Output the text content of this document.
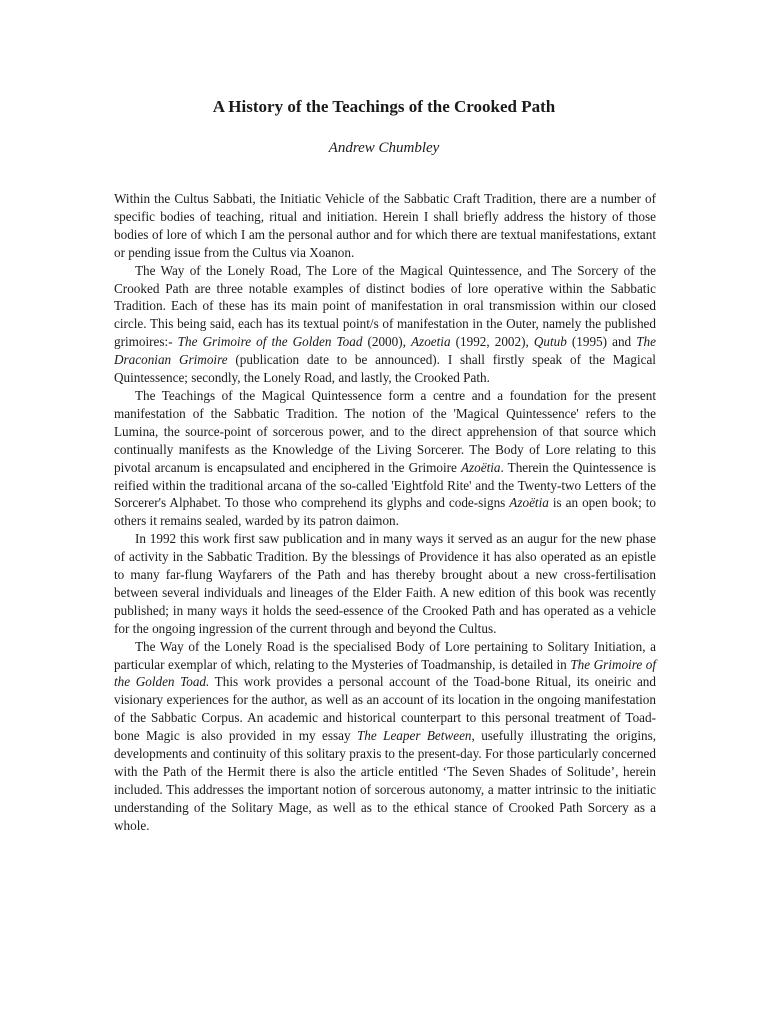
A History of the Teachings of the Crooked Path
Andrew Chumbley

Within the Cultus Sabbati, the Initiatic Vehicle of the Sabbatic Craft Tradition, there are a number of specific bodies of teaching, ritual and initiation. Herein I shall briefly address the history of those bodies of lore of which I am the personal author and for which there are textual manifestations, extant or pending issue from the Cultus via Xoanon.

The Way of the Lonely Road, The Lore of the Magical Quintessence, and The Sorcery of the Crooked Path are three notable examples of distinct bodies of lore operative within the Sabbatic Tradition. Each of these has its main point of manifestation in oral transmission within our closed circle. This being said, each has its textual point/s of manifestation in the Outer, namely the published grimoires:- The Grimoire of the Golden Toad (2000), Azoetia (1992, 2002), Qutub (1995) and The Draconian Grimoire (publication date to be announced). I shall firstly speak of the Magical Quintessence; secondly, the Lonely Road, and lastly, the Crooked Path.

The Teachings of the Magical Quintessence form a centre and a foundation for the present manifestation of the Sabbatic Tradition. The notion of the 'Magical Quintessence' refers to the Lumina, the source-point of sorcerous power, and to the direct apprehension of that source which continually manifests as the Knowledge of the Living Sorcerer. The Body of Lore relating to this pivotal arcanum is encapsulated and enciphered in the Grimoire Azoëtia. Therein the Quintessence is reified within the traditional arcana of the so-called 'Eightfold Rite' and the Twenty-two Letters of the Sorcerer's Alphabet. To those who comprehend its glyphs and code-signs Azoëtia is an open book; to others it remains sealed, warded by its patron daimon.

In 1992 this work first saw publication and in many ways it served as an augur for the new phase of activity in the Sabbatic Tradition. By the blessings of Providence it has also operated as an epistle to many far-flung Wayfarers of the Path and has thereby brought about a new cross-fertilisation between several individuals and lineages of the Elder Faith. A new edition of this book was recently published; in many ways it holds the seed-essence of the Crooked Path and has operated as a vehicle for the ongoing ingression of the current through and beyond the Cultus.

The Way of the Lonely Road is the specialised Body of Lore pertaining to Solitary Initiation, a particular exemplar of which, relating to the Mysteries of Toadmanship, is detailed in The Grimoire of the Golden Toad. This work provides a personal account of the Toad-bone Ritual, its oneiric and visionary experiences for the author, as well as an account of its location in the ongoing manifestation of the Sabbatic Corpus. An academic and historical counterpart to this personal treatment of Toad-bone Magic is also provided in my essay The Leaper Between, usefully illustrating the origins, developments and continuity of this solitary praxis to the present-day. For those particularly concerned with the Path of the Hermit there is also the article entitled ‘The Seven Shades of Solitude’, herein included. This addresses the important notion of sorcerous autonomy, a matter intrinsic to the initiatic understanding of the Solitary Mage, as well as to the ethical stance of Crooked Path Sorcery as a whole.
